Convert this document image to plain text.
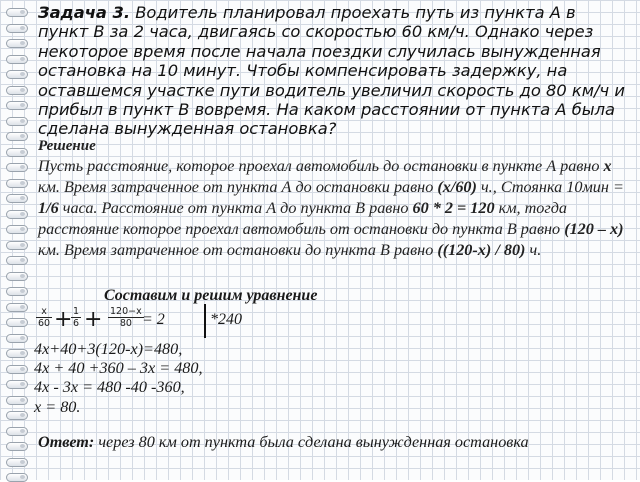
Задача 3. Водитель планировал проехать путь из пункта А в пункт В за 2 часа, двигаясь со скоростью 60 км/ч. Однако через некоторое время после начала поездки случилась вынужденная остановка на 10 минут. Чтобы компенсировать задержку, на оставшемся участке пути водитель увеличил скорость до 80 км/ч и прибыл в пункт В вовремя. На каком расстоянии от пункта А была сделана вынужденная остановка?
Решение
Пусть расстояние, которое проехал автомобиль до остановки в пункте А равно x км. Время затраченное от пункта А до остановки равно (x/60) ч., Стоянка 10мин = 1/6 часа. Расстояние от пункта А до пункта В равно 60 * 2 = 120 км, тогда расстояние которое проехал автомобиль от остановки до пункта В равно (120 – x) км. Время затраченное от остановки до пункта В равно ((120-x) / 80) ч.
Составим и решим уравнение
$\frac{x}{60}$ +
$\frac{1}{6} + \frac{120-x}{80}$
= 2	*240
4x+40+3(120-x)=480,
4x + 40 +360 – 3x = 480,
4x - 3x = 480 -40 -360,
x = 80.
Ответ: через 80 км от пункта была сделана вынужденная остановка
